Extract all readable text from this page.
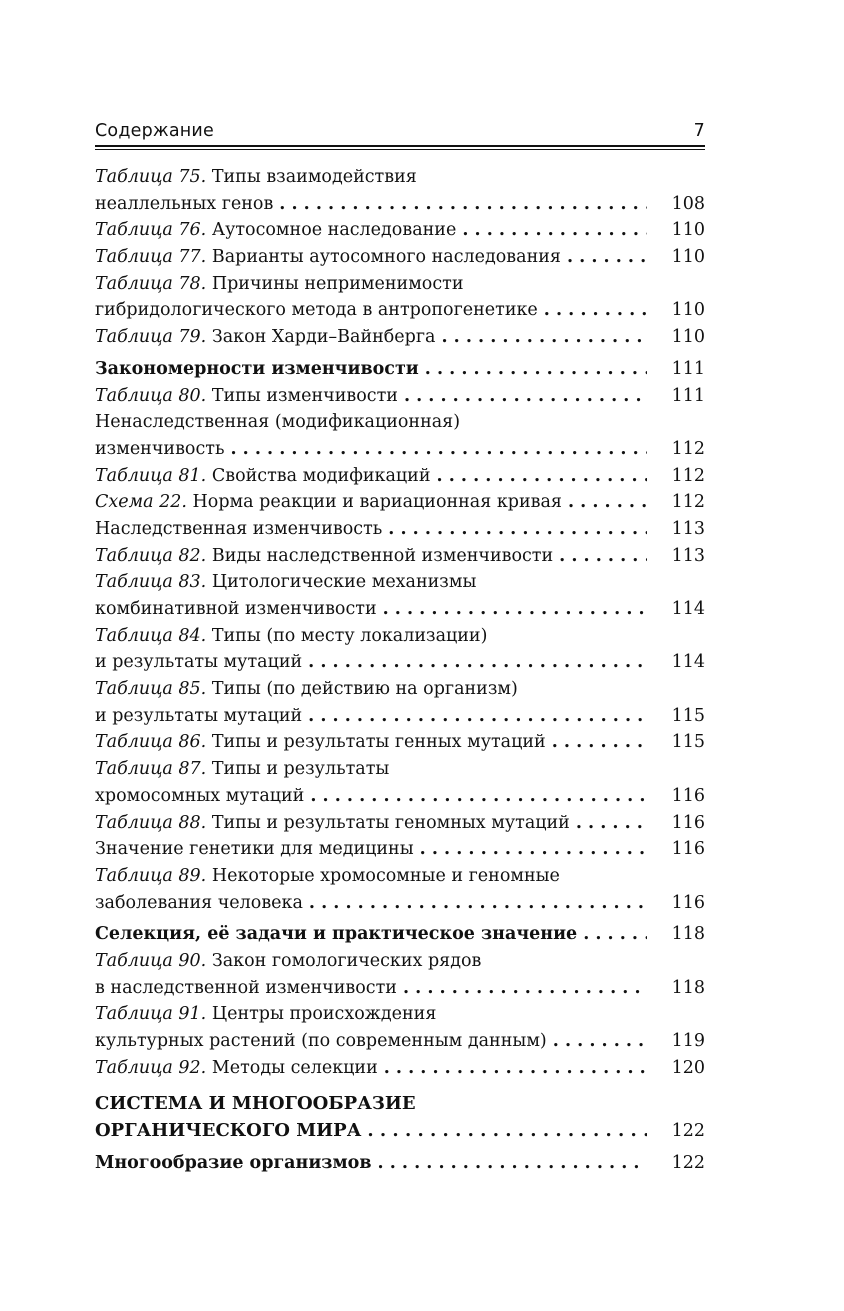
Содержание	7
Таблица 75. Типы взаимодействия
неаллельных генов . . .	108
Таблица 76. Аутосомное наследование . . .	110
Таблица 77. Варианты аутосомного наследования . . .	110
Таблица 78. Причины неприменимости
гибридологического метода в антропогенетике . . .	110
Таблица 79. Закон Харди–Вайнберга . . .	110
Закономерности изменчивости . . .	111
Таблица 80. Типы изменчивости . . .	111
Ненаследственная (модификационная)
изменчивость . . .	112
Таблица 81. Свойства модификаций . . .	112
Схема 22. Норма реакции и вариационная кривая . . .	112
Наследственная изменчивость . . .	113
Таблица 82. Виды наследственной изменчивости . . .	113
Таблица 83. Цитологические механизмы
комбинативной изменчивости . . .	114
Таблица 84. Типы (по месту локализации)
и результаты мутаций . . .	114
Таблица 85. Типы (по действию на организм)
и результаты мутаций . . .	115
Таблица 86. Типы и результаты генных мутаций . . .	115
Таблица 87. Типы и результаты
хромосомных мутаций . . .	116
Таблица 88. Типы и результаты геномных мутаций . . .	116
Значение генетики для медицины . . .	116
Таблица 89. Некоторые хромосомные и геномные
заболевания человека . . .	116
Селекция, её задачи и практическое значение . . .	118
Таблица 90. Закон гомологических рядов
в наследственной изменчивости . . .	118
Таблица 91. Центры происхождения
культурных растений (по современным данным) . . .	119
Таблица 92. Методы селекции . . .	120
СИСТЕМА И МНОГООБРАЗИЕ
ОРГАНИЧЕСКОГО МИРА . . .	122
Многообразие организмов . . .	122
